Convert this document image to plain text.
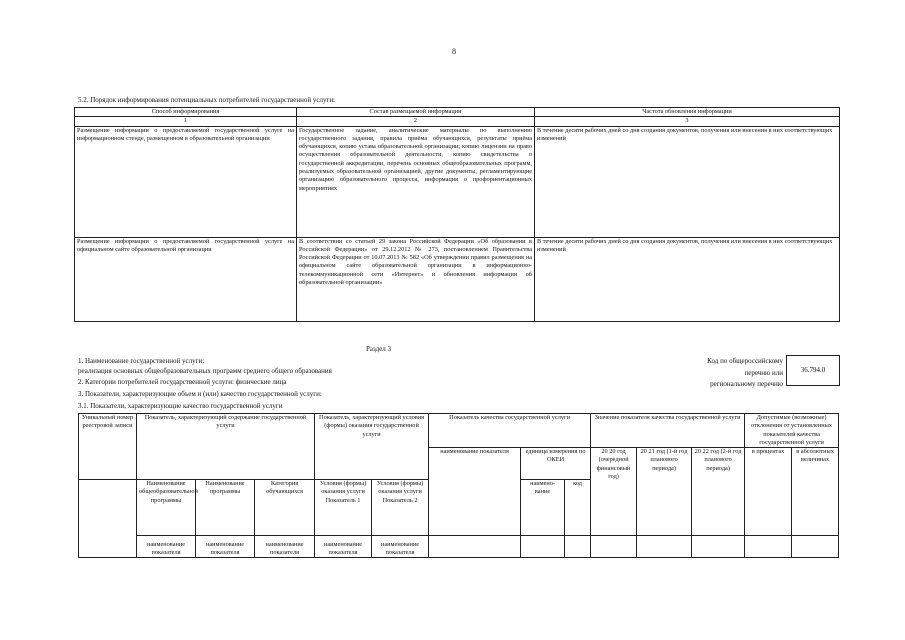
8
5.2. Порядок информирования потенциальных потребителей государственной услуги:
Способ информирования	Состав размещаемой информации	Частота обновления информации
1	2	3
Размещение информации о предоставляемой государственной услуге на информационном стенде, размещенном в образовательной организации	Государственное задание, аналитические материалы по выполнению государственного задания, правила приёма обучающихся, результаты приёма обучающихся, копию устава образовательной организации; копию лицензии на право осуществления образовательной деятельности, копию свидетельства о государственной аккредитации, перечень основных общеобразовательных программ, реализуемых образовательной организацией, другие документы, регламентирующие организацию образовательного процесса, информация о профориентационных мероприятиях	В течение десяти рабочих дней со дня создания документов, получения или внесения в них соответствующих изменений
Размещение информации о предоставляемой государственной услуге на официальном сайте образовательной организации	В соответствии со статьей 29 закона Российской Федерации «Об образовании в Российской Федерации» от 29.12.2012 № 273, постановлением Правительства Российской Федерации от 10.07.2013 № 582 «Об утверждении правил размещения на официальном сайте образовательной организации в информационно-телекоммуникационной сети «Интернет» и обновления информации об образовательной организации»	В течение десяти рабочих дней со дня создания документов, получения или внесения в них соответствующих изменений
Раздел 3
1. Наименование государственной услуги:
реализация основных общеобразовательных программ среднего общего образования
2. Категории потребителей государственной услуги: физические лица
3. Показатели, характеризующие объем и (или) качество государственной услуги:
3.1. Показатели, характеризующие качество государственной услуги
Код по общероссийскому
перечню или
региональному перечню
36.794.0
Уникальный номер реестровой записи	Показатель, характеризующий содержание государственной услуги			Показатель, характеризующий условия (формы) оказания государственной услуги		Показатель качества государственной услуги			Значение показателя качества государственной услуги			Допустимые (возможные) отклонения от установленных показателей качества государственной услуги	
						наименование показателя	единица измерения по ОКЕИ		20 20 год (очередной финансовый год)	20 21 год (1-й год планового периода)	20 22 год (2-й год планового периода)	в процентах	в абсолютных величинах
	Наименование общеобразовательной программы	Наименование программы	Категория обучающихся	Условия (формы) оказания услуги Показатель 1	Условия (формы) оказания услуги Показатель 2		наимено-вание	код					
	наименование показателя	наименование показателя	наименование показателя	наименование показателя	наименование показателя								
